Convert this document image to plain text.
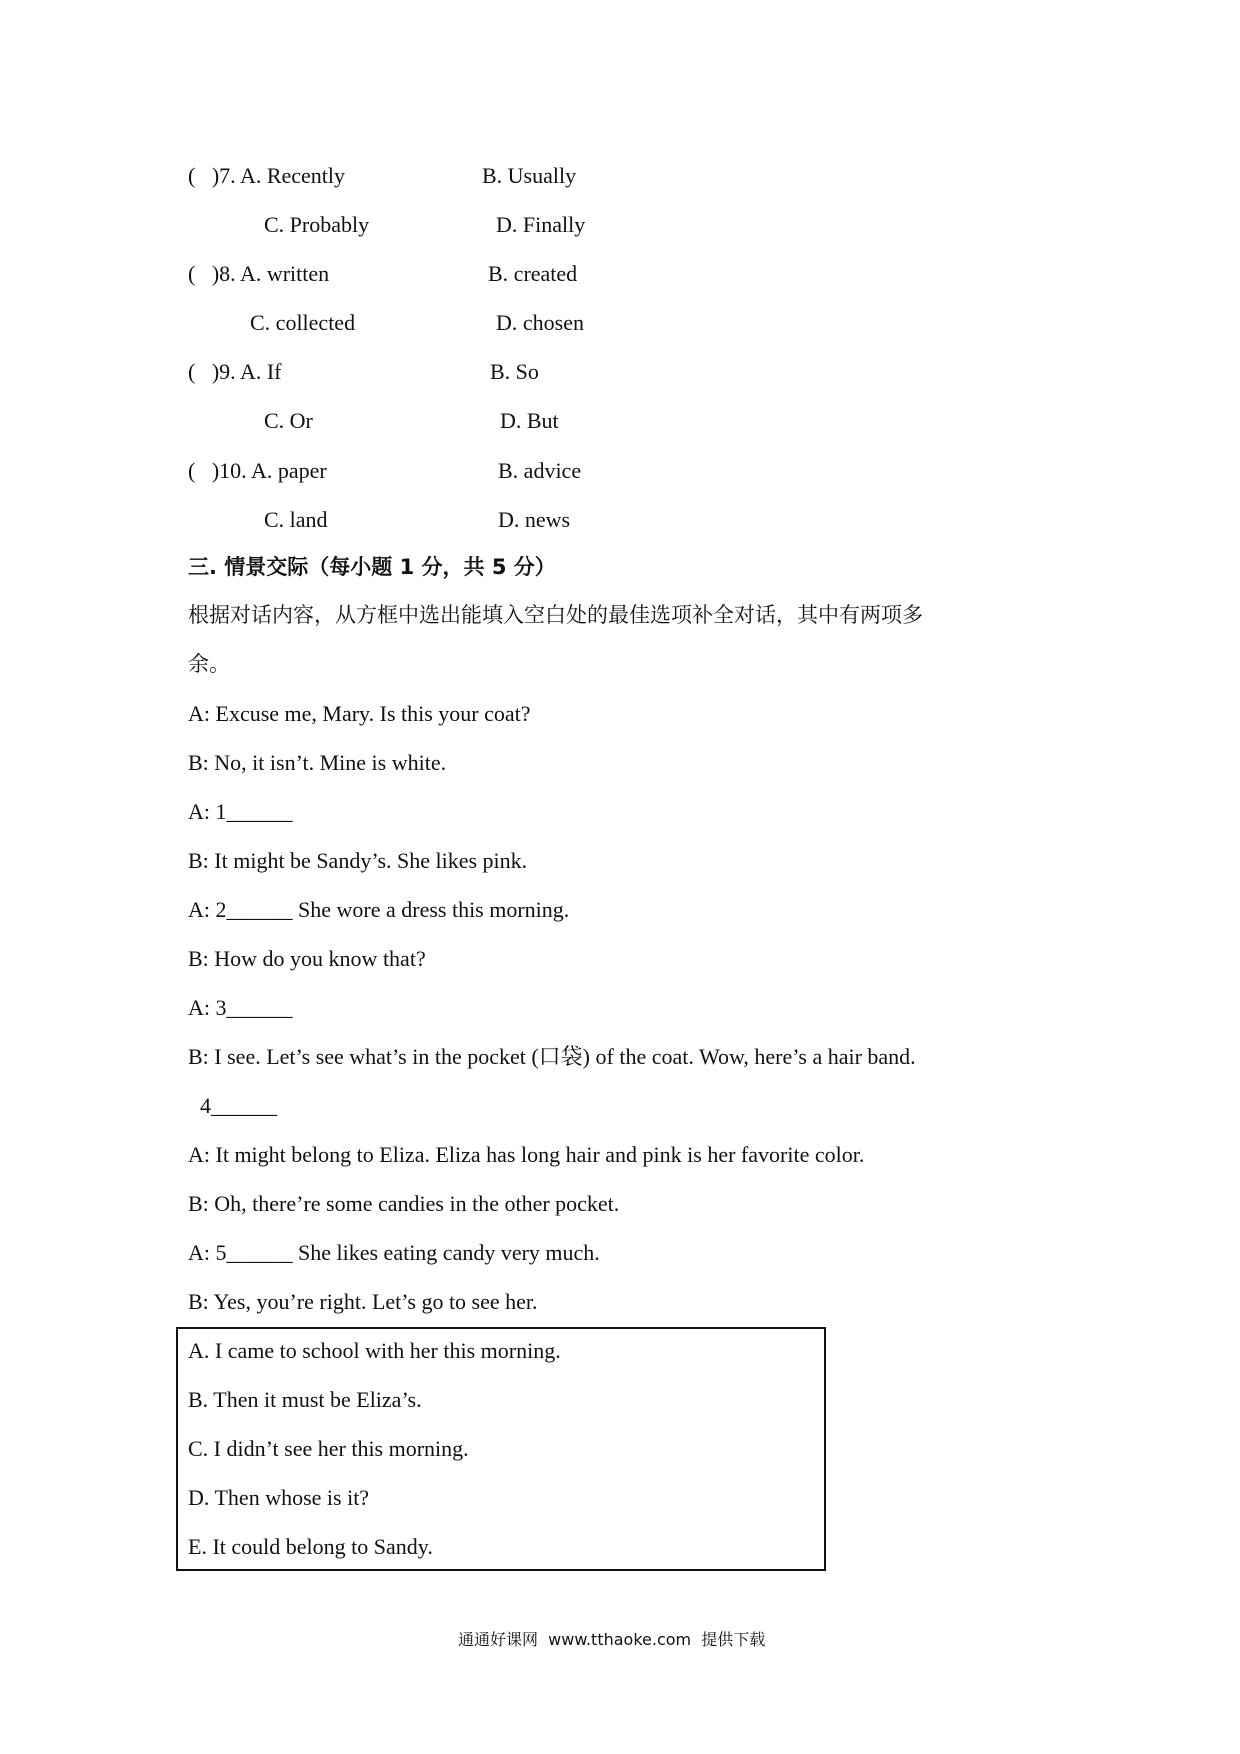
(   )7. A. Recently	B. Usually
C. Probably	D. Finally
(   )8. A. written	B. created
C. collected	D. chosen
(   )9. A. If	B. So
C. Or	D. But
(   )10. A. paper	B. advice
C. land	D. news
三. 情景交际（每小题 1 分，共 5 分）
根据对话内容，从方框中选出能填入空白处的最佳选项补全对话，其中有两项多
余。
A: Excuse me, Mary. Is this your coat?
B: No, it isn’t. Mine is white.
A: 1______
B: It might be Sandy’s. She likes pink.
A: 2______ She wore a dress this morning.
B: How do you know that?
A: 3______
B: I see. Let’s see what’s in the pocket (口袋) of the coat. Wow, here’s a hair band.
4______
A: It might belong to Eliza. Eliza has long hair and pink is her favorite color.
B: Oh, there’re some candies in the other pocket.
A: 5______ She likes eating candy very much.
B: Yes, you’re right. Let’s go to see her.
A. I came to school with her this morning.
B. Then it must be Eliza’s.
C. I didn’t see her this morning.
D. Then whose is it?
E. It could belong to Sandy.
通通好课网  www.tthaoke.com  提供下载
